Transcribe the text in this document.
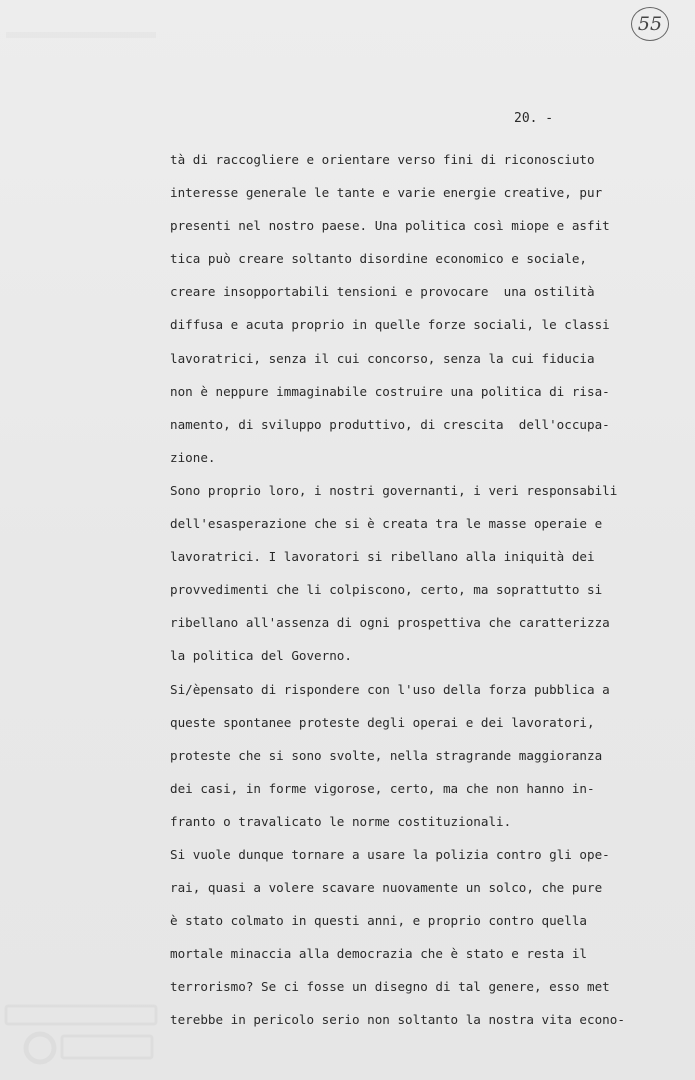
55
20. -
tà di raccogliere e orientare verso fini di riconosciuto
interesse generale le tante e varie energie creative, pur
presenti nel nostro paese. Una politica così miope e asfit
tica può creare soltanto disordine economico e sociale,
creare insopportabili tensioni e provocare  una ostilità
diffusa e acuta proprio in quelle forze sociali, le classi
lavoratrici, senza il cui concorso, senza la cui fiducia
non è neppure immaginabile costruire una politica di risa-
namento, di sviluppo produttivo, di crescita  dell'occupa-
zione.
Sono proprio loro, i nostri governanti, i veri responsabili
dell'esasperazione che si è creata tra le masse operaie e
lavoratrici. I lavoratori si ribellano alla iniquità dei
provvedimenti che li colpiscono, certo, ma soprattutto si
ribellano all'assenza di ogni prospettiva che caratterizza
la politica del Governo.
Si/èpensato di rispondere con l'uso della forza pubblica a
queste spontanee proteste degli operai e dei lavoratori,
proteste che si sono svolte, nella stragrande maggioranza
dei casi, in forme vigorose, certo, ma che non hanno in-
franto o travalicato le norme costituzionali.
Si vuole dunque tornare a usare la polizia contro gli ope-
rai, quasi a volere scavare nuovamente un solco, che pure
è stato colmato in questi anni, e proprio contro quella
mortale minaccia alla democrazia che è stato e resta il
terrorismo? Se ci fosse un disegno di tal genere, esso met
terebbe in pericolo serio non soltanto la nostra vita econo-
